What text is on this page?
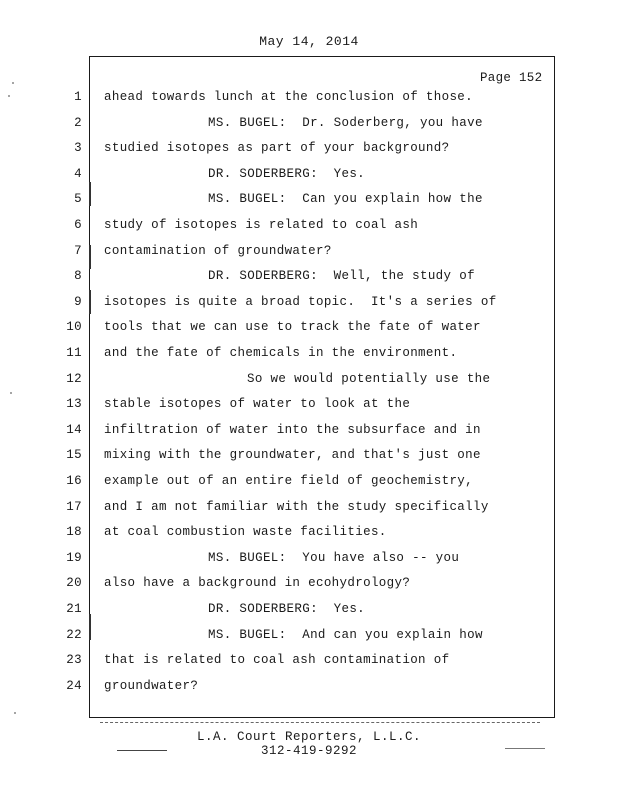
May 14, 2014
Page 152
1 ahead towards lunch at the conclusion of those.
2	MS. BUGEL:  Dr. Soderberg, you have
3 studied isotopes as part of your background?
4	DR. SODERBERG:  Yes.
5	MS. BUGEL:  Can you explain how the
6 study of isotopes is related to coal ash
7 contamination of groundwater?
8	DR. SODERBERG:  Well, the study of
9 isotopes is quite a broad topic.  It's a series of
10 tools that we can use to track the fate of water
11 and the fate of chemicals in the environment.
12	So we would potentially use the
13 stable isotopes of water to look at the
14 infiltration of water into the subsurface and in
15 mixing with the groundwater, and that's just one
16 example out of an entire field of geochemistry,
17 and I am not familiar with the study specifically
18 at coal combustion waste facilities.
19	MS. BUGEL:  You have also -- you
20 also have a background in ecohydrology?
21	DR. SODERBERG:  Yes.
22	MS. BUGEL:  And can you explain how
23 that is related to coal ash contamination of
24 groundwater?
L.A. Court Reporters, L.L.C.
312-419-9292
